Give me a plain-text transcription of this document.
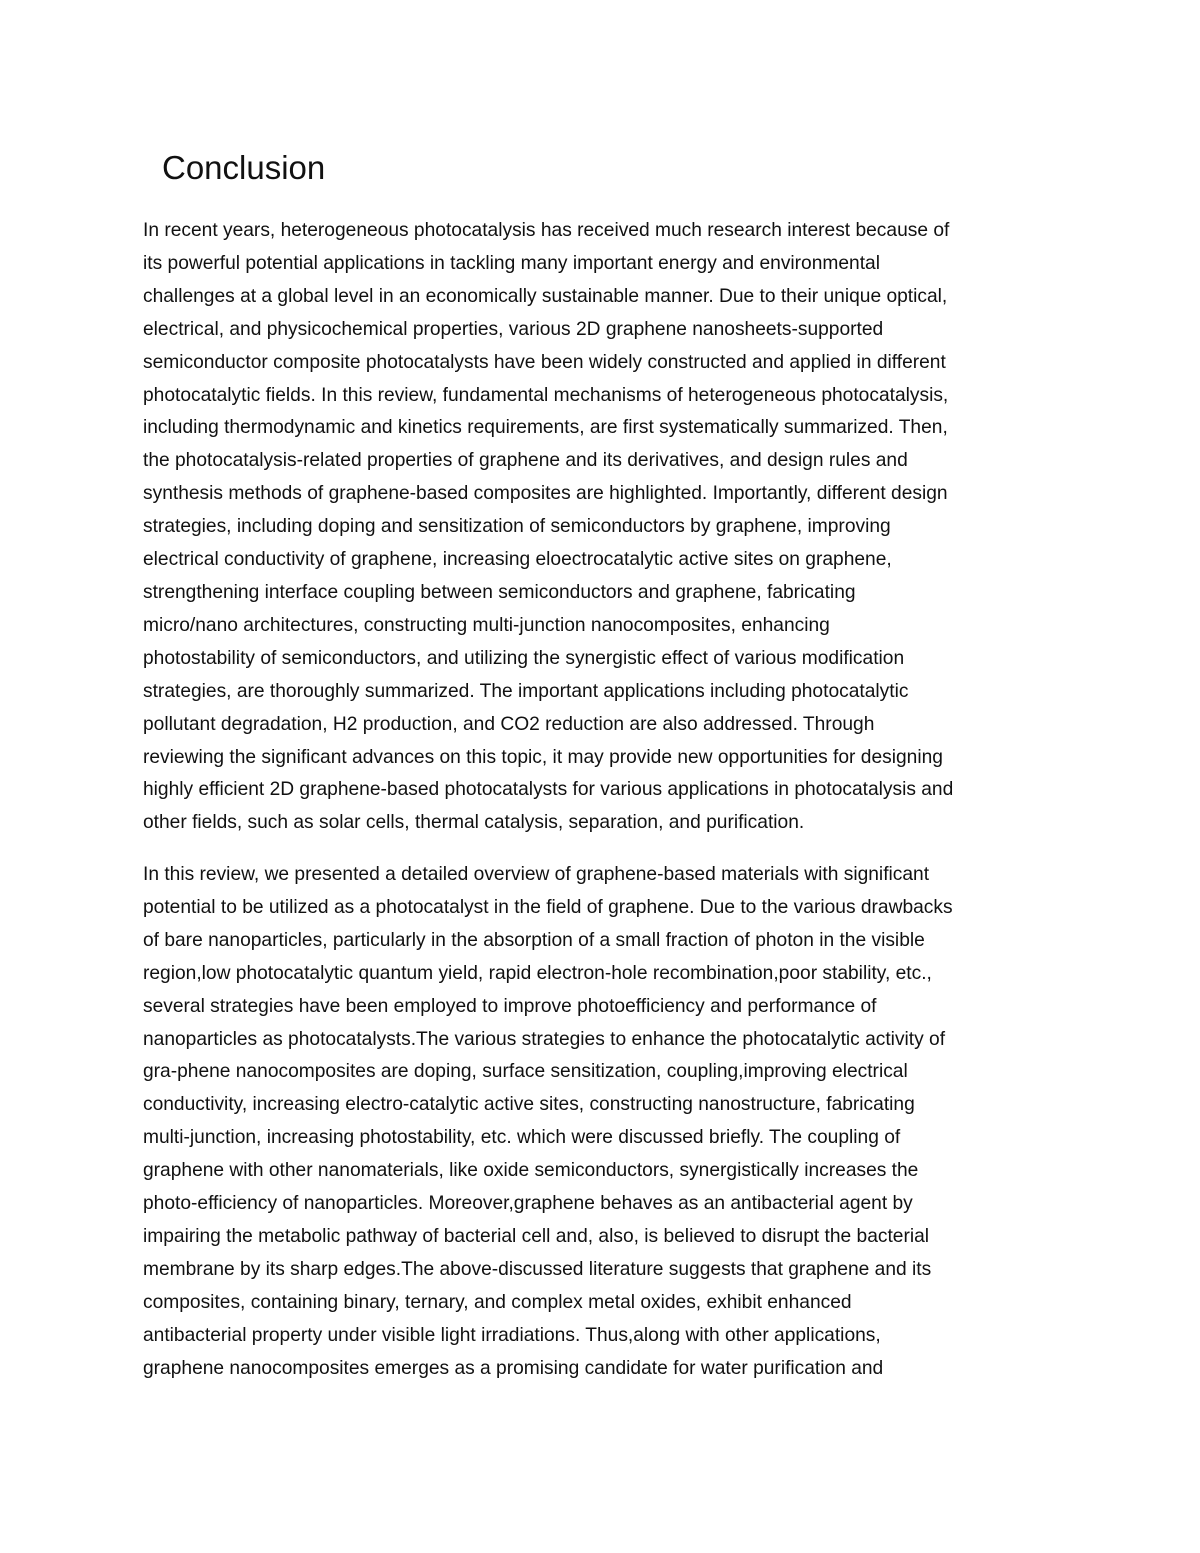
Conclusion

In recent years, heterogeneous photocatalysis has received much research interest because of
its powerful potential applications in tackling many important energy and environmental
challenges at a global level in an economically sustainable manner. Due to their unique optical,
electrical, and physicochemical properties, various 2D graphene nanosheets-supported
semiconductor composite photocatalysts have been widely constructed and applied in different
photocatalytic fields. In this review, fundamental mechanisms of heterogeneous photocatalysis,
including thermodynamic and kinetics requirements, are first systematically summarized. Then,
the photocatalysis-related properties of graphene and its derivatives, and design rules and
synthesis methods of graphene-based composites are highlighted. Importantly, different design
strategies, including doping and sensitization of semiconductors by graphene, improving
electrical conductivity of graphene, increasing eloectrocatalytic active sites on graphene,
strengthening interface coupling between semiconductors and graphene, fabricating
micro/nano architectures, constructing multi-junction nanocomposites, enhancing
photostability of semiconductors, and utilizing the synergistic effect of various modification
strategies, are thoroughly summarized. The important applications including photocatalytic
pollutant degradation, H2 production, and CO2 reduction are also addressed. Through
reviewing the significant advances on this topic, it may provide new opportunities for designing
highly efficient 2D graphene-based photocatalysts for various applications in photocatalysis and
other fields, such as solar cells, thermal catalysis, separation, and purification.

In this review, we presented a detailed overview of graphene-based materials with significant
potential to be utilized as a photocatalyst in the field of graphene. Due to the various drawbacks
of bare nanoparticles, particularly in the absorption of a small fraction of photon in the visible
region,low photocatalytic quantum yield, rapid electron-hole recombination,poor stability, etc.,
several strategies have been employed to improve photoefficiency and performance of
nanoparticles as photocatalysts.The various strategies to enhance the photocatalytic activity of
gra-phene nanocomposites are doping, surface sensitization, coupling,improving electrical
conductivity, increasing electro-catalytic active sites, constructing nanostructure, fabricating
multi-junction, increasing photostability, etc. which were discussed briefly. The coupling of
graphene with other nanomaterials, like oxide semiconductors, synergistically increases the
photo-efficiency of nanoparticles. Moreover,graphene behaves as an antibacterial agent by
impairing the metabolic pathway of bacterial cell and, also, is believed to disrupt the bacterial
membrane by its sharp edges.The above-discussed literature suggests that graphene and its
composites, containing binary, ternary, and complex metal oxides, exhibit enhanced
antibacterial property under visible light irradiations. Thus,along with other applications,
graphene nanocomposites emerges as a promising candidate for water purification and
